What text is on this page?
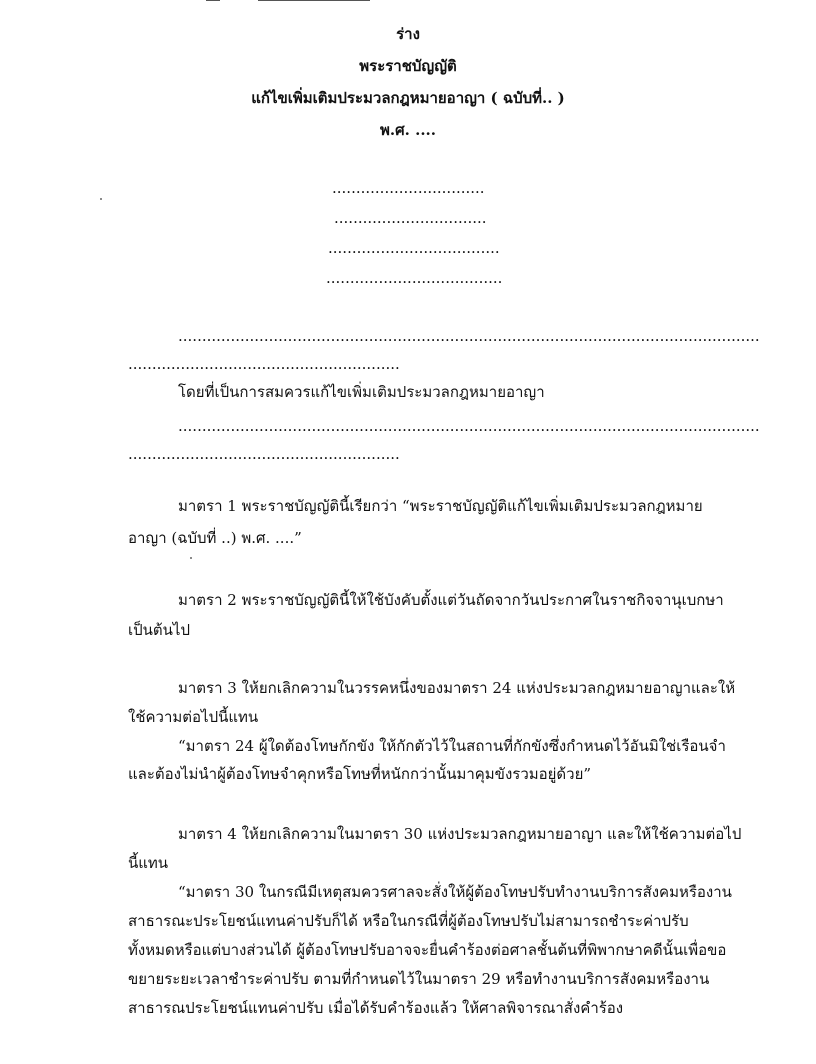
ร่าง
พระราชบัญญัติ
แก้ไขเพิ่มเติมประมวลกฎหมายอาญา ( ฉบับที่.. )
พ.ศ. ....
................................
................................
....................................
.....................................
..........................................................................................................................
.........................................................
โดยที่เป็นการสมควรแก้ไขเพิ่มเติมประมวลกฎหมายอาญา
..........................................................................................................................
.........................................................
มาตรา 1 พระราชบัญญัตินี้เรียกว่า “พระราชบัญญัติแก้ไขเพิ่มเติมประมวลกฎหมาย
อาญา (ฉบับที่ ..) พ.ศ. ....”
มาตรา 2 พระราชบัญญัตินี้ให้ใช้บังคับตั้งแต่วันถัดจากวันประกาศในราชกิจจานุเบกษา
เป็นต้นไป
มาตรา 3 ให้ยกเลิกความในวรรคหนึ่งของมาตรา 24 แห่งประมวลกฎหมายอาญาและให้
ใช้ความต่อไปนี้แทน
“มาตรา 24 ผู้ใดต้องโทษกักขัง ให้กักตัวไว้ในสถานที่กักขังซึ่งกำหนดไว้อันมิใช่เรือนจำ
และต้องไม่นำผู้ต้องโทษจำคุกหรือโทษที่หนักกว่านั้นมาคุมขังรวมอยู่ด้วย”
มาตรา 4 ให้ยกเลิกความในมาตรา 30 แห่งประมวลกฎหมายอาญา และให้ใช้ความต่อไป
นี้แทน
“มาตรา 30 ในกรณีมีเหตุสมควรศาลจะสั่งให้ผู้ต้องโทษปรับทำงานบริการสังคมหรืองาน
สาธารณะประโยชน์แทนค่าปรับก็ได้ หรือในกรณีที่ผู้ต้องโทษปรับไม่สามารถชำระค่าปรับ
ทั้งหมดหรือแต่บางส่วนได้ ผู้ต้องโทษปรับอาจจะยื่นคำร้องต่อศาลชั้นต้นที่พิพากษาคดีนั้นเพื่อขอ
ขยายระยะเวลาชำระค่าปรับ ตามที่กำหนดไว้ในมาตรา 29 หรือทำงานบริการสังคมหรืองาน
สาธารณประโยชน์แทนค่าปรับ เมื่อได้รับคำร้องแล้ว ให้ศาลพิจารณาสั่งคำร้อง
